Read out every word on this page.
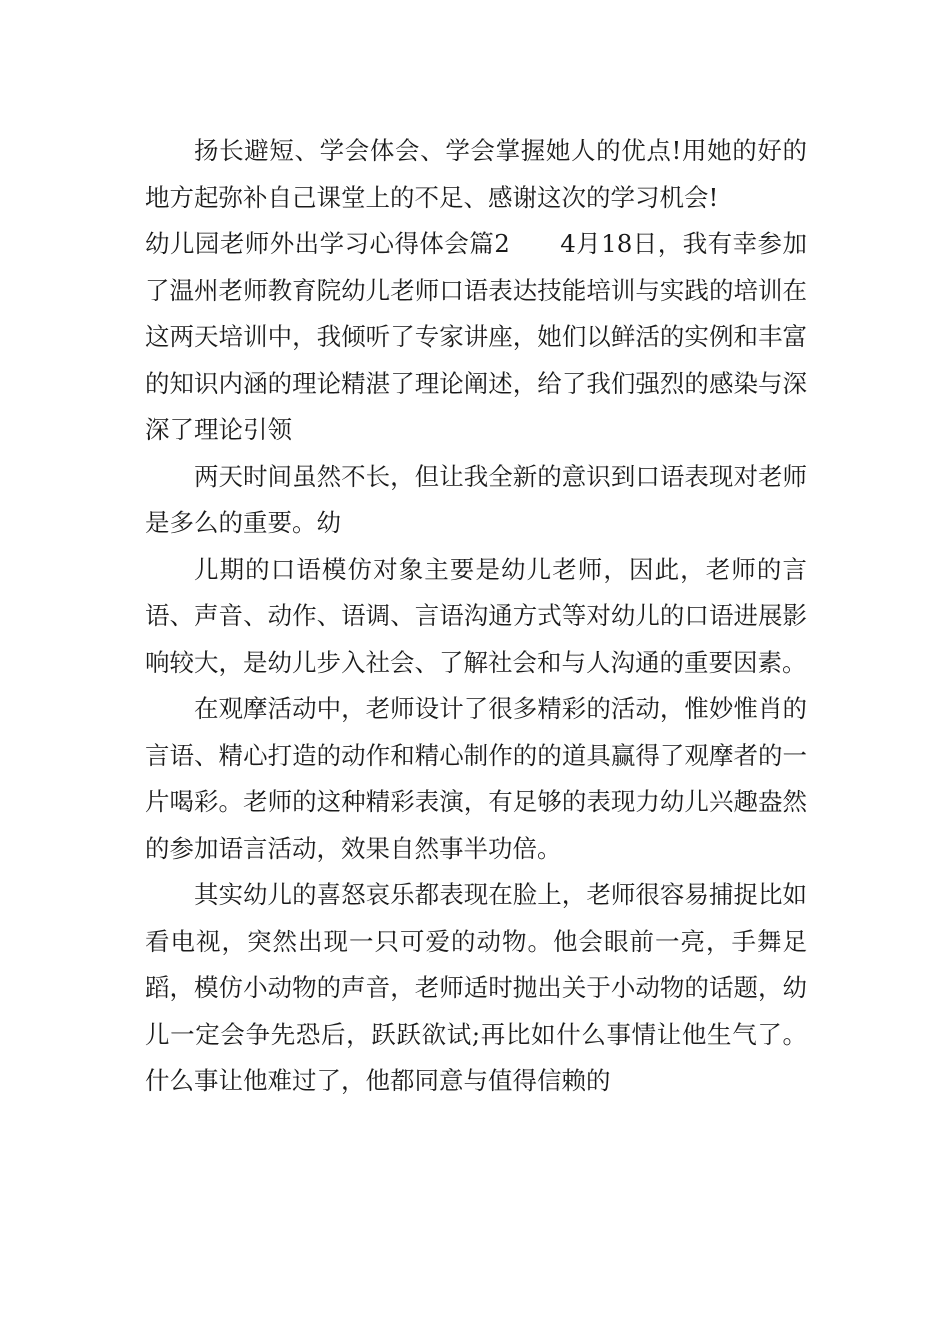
扬长避短、学会体会、学会掌握她人的优点!用她的好的地方起弥补自己课堂上的不足、感谢这次的学习机会!

幼儿园老师外出学习心得体会篇2　　4月18日，我有幸参加了温州老师教育院幼儿老师口语表达技能培训与实践的培训在这两天培训中，我倾听了专家讲座，她们以鲜活的实例和丰富的知识内涵的理论精湛了理论阐述，给了我们强烈的感染与深深了理论引领

两天时间虽然不长，但让我全新的意识到口语表现对老师是多么的重要。幼

儿期的口语模仿对象主要是幼儿老师，因此，老师的言语、声音、动作、语调、言语沟通方式等对幼儿的口语进展影响较大，是幼儿步入社会、了解社会和与人沟通的重要因素。

在观摩活动中，老师设计了很多精彩的活动，惟妙惟肖的言语、精心打造的动作和精心制作的的道具赢得了观摩者的一片喝彩。老师的这种精彩表演，有足够的表现力幼儿兴趣盎然的参加语言活动，效果自然事半功倍。

其实幼儿的喜怒哀乐都表现在脸上，老师很容易捕捉比如看电视，突然出现一只可爱的动物。他会眼前一亮，手舞足蹈，模仿小动物的声音，老师适时抛出关于小动物的话题，幼儿一定会争先恐后，跃跃欲试;再比如什么事情让他生气了。什么事让他难过了，他都同意与值得信赖的
